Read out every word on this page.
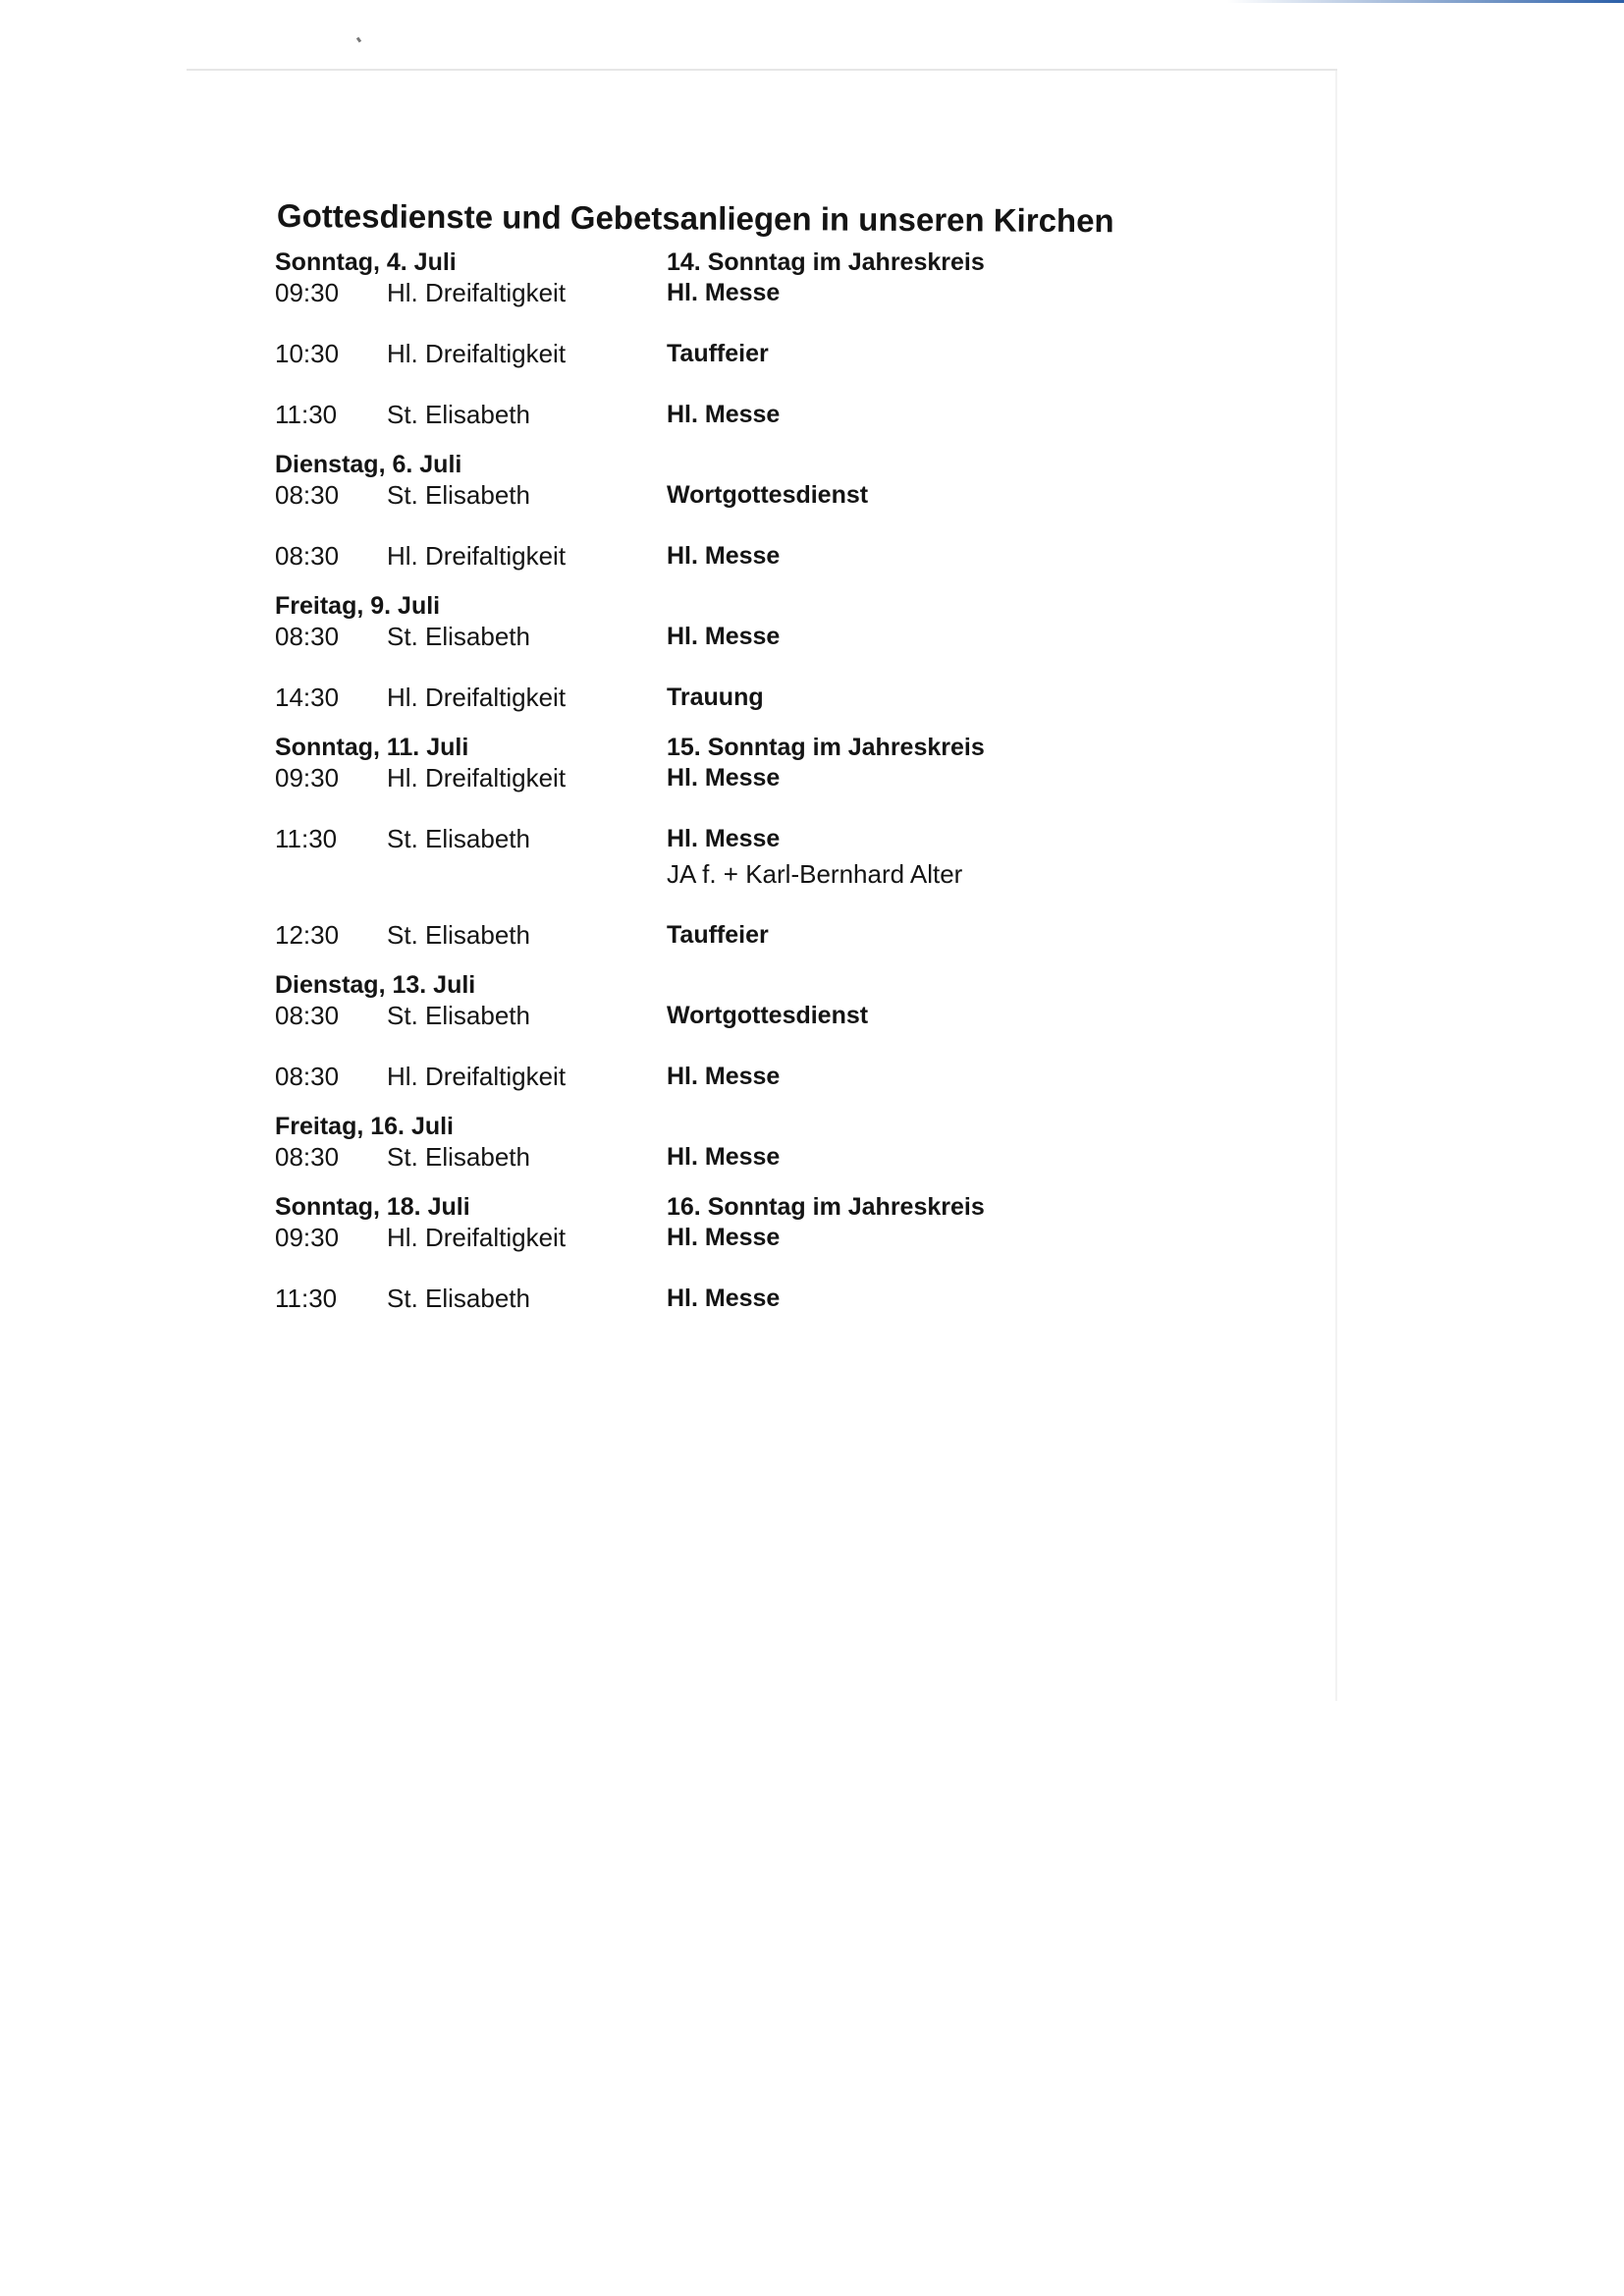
Gottesdienste und Gebetsanliegen in unseren Kirchen
Sonntag, 4. Juli	14. Sonntag im Jahreskreis
09:30	Hl. Dreifaltigkeit	Hl. Messe
10:30	Hl. Dreifaltigkeit	Tauffeier
11:30	St. Elisabeth	Hl. Messe
Dienstag, 6. Juli
08:30	St. Elisabeth	Wortgottesdienst
08:30	Hl. Dreifaltigkeit	Hl. Messe
Freitag, 9. Juli
08:30	St. Elisabeth	Hl. Messe
14:30	Hl. Dreifaltigkeit	Trauung
Sonntag, 11. Juli	15. Sonntag im Jahreskreis
09:30	Hl. Dreifaltigkeit	Hl. Messe
11:30	St. Elisabeth	Hl. Messe
JA f. + Karl-Bernhard Alter
12:30	St. Elisabeth	Tauffeier
Dienstag, 13. Juli
08:30	St. Elisabeth	Wortgottesdienst
08:30	Hl. Dreifaltigkeit	Hl. Messe
Freitag, 16. Juli
08:30	St. Elisabeth	Hl. Messe
Sonntag, 18. Juli	16. Sonntag im Jahreskreis
09:30	Hl. Dreifaltigkeit	Hl. Messe
11:30	St. Elisabeth	Hl. Messe
